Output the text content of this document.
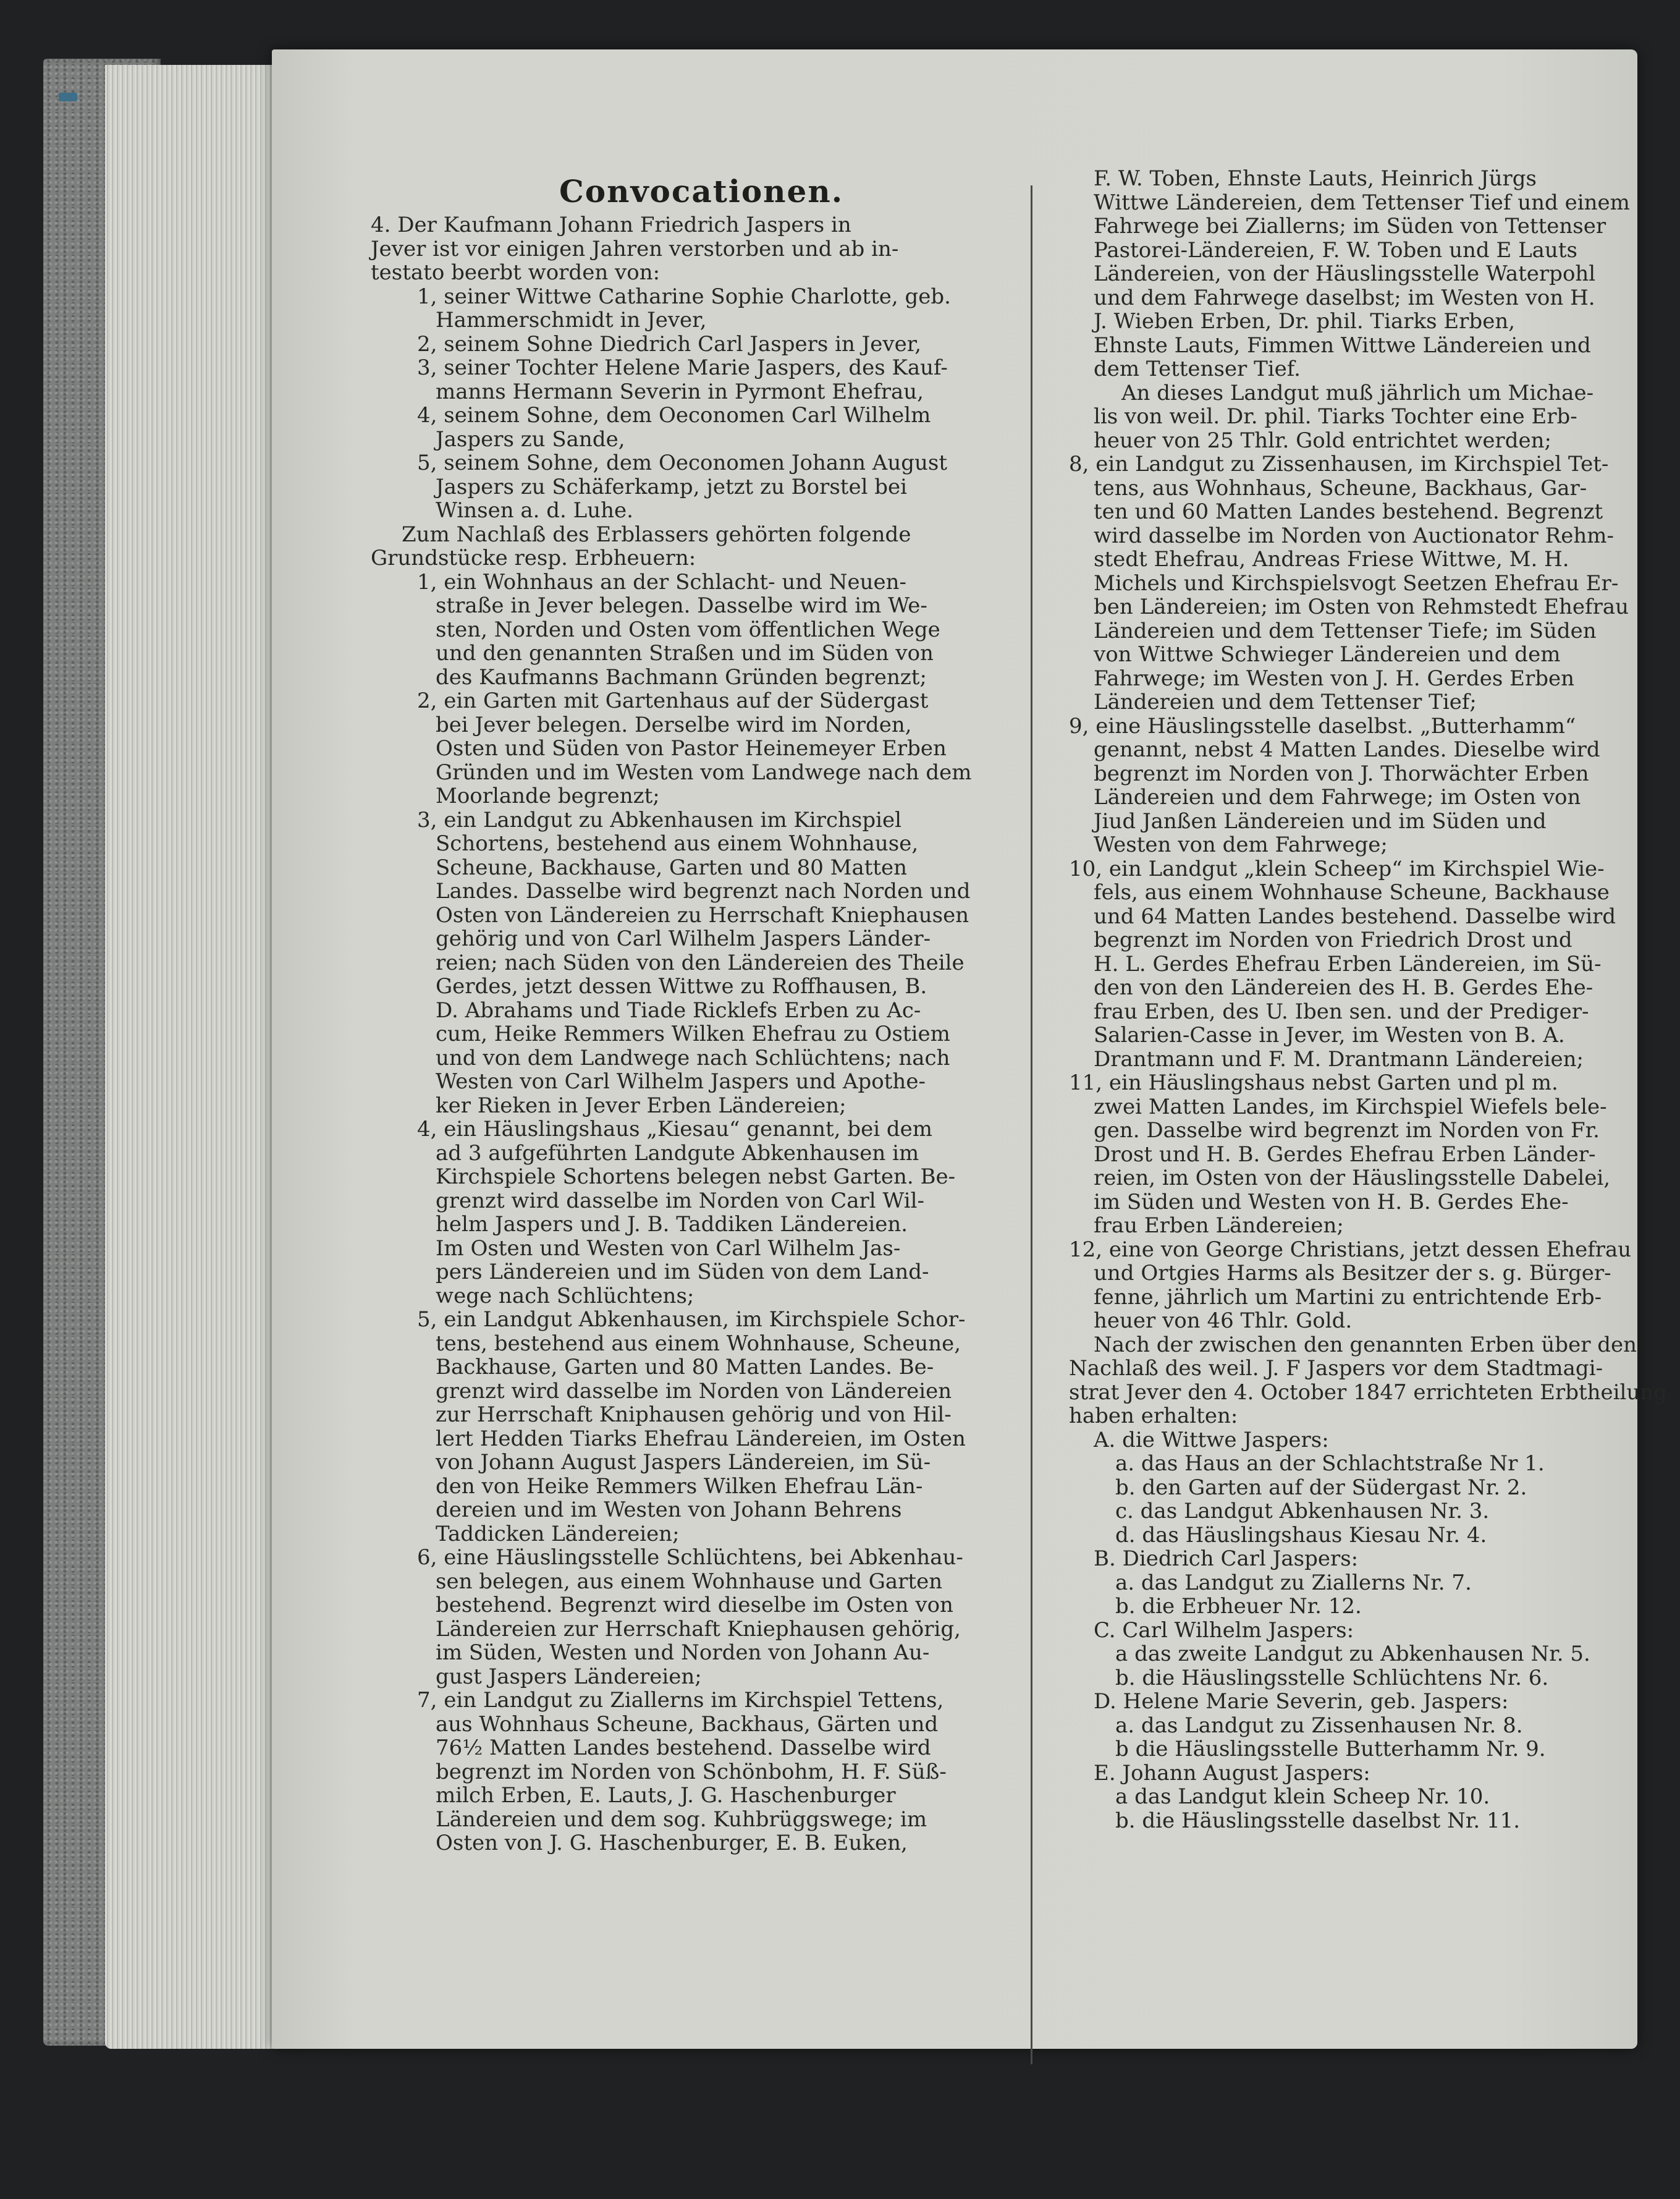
Convocationen.
4. Der Kaufmann Johann Friedrich Jaspers in
Jever ist vor einigen Jahren verstorben und ab in-
testato beerbt worden von:
1, seiner Wittwe Catharine Sophie Charlotte, geb.
Hammerschmidt in Jever,
2, seinem Sohne Diedrich Carl Jaspers in Jever,
3, seiner Tochter Helene Marie Jaspers, des Kauf-
manns Hermann Severin in Pyrmont Ehefrau,
4, seinem Sohne, dem Oeconomen Carl Wilhelm
Jaspers zu Sande,
5, seinem Sohne, dem Oeconomen Johann August
Jaspers zu Schäferkamp, jetzt zu Borstel bei
Winsen a. d. Luhe.
Zum Nachlaß des Erblassers gehörten folgende
Grundstücke resp. Erbheuern:
1, ein Wohnhaus an der Schlacht- und Neuen-
straße in Jever belegen. Dasselbe wird im We-
sten, Norden und Osten vom öffentlichen Wege
und den genannten Straßen und im Süden von
des Kaufmanns Bachmann Gründen begrenzt;
2, ein Garten mit Gartenhaus auf der Südergast
bei Jever belegen. Derselbe wird im Norden,
Osten und Süden von Pastor Heinemeyer Erben
Gründen und im Westen vom Landwege nach dem
Moorlande begrenzt;
3, ein Landgut zu Abkenhausen im Kirchspiel
Schortens, bestehend aus einem Wohnhause,
Scheune, Backhause, Garten und 80 Matten
Landes. Dasselbe wird begrenzt nach Norden und
Osten von Ländereien zu Herrschaft Kniephausen
gehörig und von Carl Wilhelm Jaspers Länder-
reien; nach Süden von den Ländereien des Theile
Gerdes, jetzt dessen Wittwe zu Roffhausen, B.
D. Abrahams und Tiade Ricklefs Erben zu Ac-
cum, Heike Remmers Wilken Ehefrau zu Ostiem
und von dem Landwege nach Schlüchtens; nach
Westen von Carl Wilhelm Jaspers und Apothe-
ker Rieken in Jever Erben Ländereien;
4, ein Häuslingshaus „Kiesau“ genannt, bei dem
ad 3 aufgeführten Landgute Abkenhausen im
Kirchspiele Schortens belegen nebst Garten. Be-
grenzt wird dasselbe im Norden von Carl Wil-
helm Jaspers und J. B. Taddiken Ländereien.
Im Osten und Westen von Carl Wilhelm Jas-
pers Ländereien und im Süden von dem Land-
wege nach Schlüchtens;
5, ein Landgut Abkenhausen, im Kirchspiele Schor-
tens, bestehend aus einem Wohnhause, Scheune,
Backhause, Garten und 80 Matten Landes. Be-
grenzt wird dasselbe im Norden von Ländereien
zur Herrschaft Kniphausen gehörig und von Hil-
lert Hedden Tiarks Ehefrau Ländereien, im Osten
von Johann August Jaspers Ländereien, im Sü-
den von Heike Remmers Wilken Ehefrau Län-
dereien und im Westen von Johann Behrens
Taddicken Ländereien;
6, eine Häuslingsstelle Schlüchtens, bei Abkenhau-
sen belegen, aus einem Wohnhause und Garten
bestehend. Begrenzt wird dieselbe im Osten von
Ländereien zur Herrschaft Kniephausen gehörig,
im Süden, Westen und Norden von Johann Au-
gust Jaspers Ländereien;
7, ein Landgut zu Ziallerns im Kirchspiel Tettens,
aus Wohnhaus Scheune, Backhaus, Gärten und
76½ Matten Landes bestehend. Dasselbe wird
begrenzt im Norden von Schönbohm, H. F. Süß-
milch Erben, E. Lauts, J. G. Haschenburger
Ländereien und dem sog. Kuhbrüggswege; im
Osten von J. G. Haschenburger, E. B. Euken,
F. W. Toben, Ehnste Lauts, Heinrich Jürgs
Wittwe Ländereien, dem Tettenser Tief und einem
Fahrwege bei Ziallerns; im Süden von Tettenser
Pastorei-Ländereien, F. W. Toben und E Lauts
Ländereien, von der Häuslingsstelle Waterpohl
und dem Fahrwege daselbst; im Westen von H.
J. Wieben Erben, Dr. phil. Tiarks Erben,
Ehnste Lauts, Fimmen Wittwe Ländereien und
dem Tettenser Tief.
An dieses Landgut muß jährlich um Michae-
lis von weil. Dr. phil. Tiarks Tochter eine Erb-
heuer von 25 Thlr. Gold entrichtet werden;
8, ein Landgut zu Zissenhausen, im Kirchspiel Tet-
tens, aus Wohnhaus, Scheune, Backhaus, Gar-
ten und 60 Matten Landes bestehend. Begrenzt
wird dasselbe im Norden von Auctionator Rehm-
stedt Ehefrau, Andreas Friese Wittwe, M. H.
Michels und Kirchspielsvogt Seetzen Ehefrau Er-
ben Ländereien; im Osten von Rehmstedt Ehefrau
Ländereien und dem Tettenser Tiefe; im Süden
von Wittwe Schwieger Ländereien und dem
Fahrwege; im Westen von J. H. Gerdes Erben
Ländereien und dem Tettenser Tief;
9, eine Häuslingsstelle daselbst. „Butterhamm“
genannt, nebst 4 Matten Landes. Dieselbe wird
begrenzt im Norden von J. Thorwächter Erben
Ländereien und dem Fahrwege; im Osten von
Jiud Janßen Ländereien und im Süden und
Westen von dem Fahrwege;
10, ein Landgut „klein Scheep“ im Kirchspiel Wie-
fels, aus einem Wohnhause Scheune, Backhause
und 64 Matten Landes bestehend. Dasselbe wird
begrenzt im Norden von Friedrich Drost und
H. L. Gerdes Ehefrau Erben Ländereien, im Sü-
den von den Ländereien des H. B. Gerdes Ehe-
frau Erben, des U. Iben sen. und der Prediger-
Salarien-Casse in Jever, im Westen von B. A.
Drantmann und F. M. Drantmann Ländereien;
11, ein Häuslingshaus nebst Garten und pl m.
zwei Matten Landes, im Kirchspiel Wiefels bele-
gen. Dasselbe wird begrenzt im Norden von Fr.
Drost und H. B. Gerdes Ehefrau Erben Länder-
reien, im Osten von der Häuslingsstelle Dabelei,
im Süden und Westen von H. B. Gerdes Ehe-
frau Erben Ländereien;
12, eine von George Christians, jetzt dessen Ehefrau
und Ortgies Harms als Besitzer der s. g. Bürger-
fenne, jährlich um Martini zu entrichtende Erb-
heuer von 46 Thlr. Gold.
Nach der zwischen den genannten Erben über den
Nachlaß des weil. J. F Jaspers vor dem Stadtmagi-
strat Jever den 4. October 1847 errichteten Erbtheilung
haben erhalten:
A. die Wittwe Jaspers:
a. das Haus an der Schlachtstraße Nr 1.
b. den Garten auf der Südergast Nr. 2.
c. das Landgut Abkenhausen Nr. 3.
d. das Häuslingshaus Kiesau Nr. 4.
B. Diedrich Carl Jaspers:
a. das Landgut zu Ziallerns Nr. 7.
b. die Erbheuer Nr. 12.
C. Carl Wilhelm Jaspers:
a das zweite Landgut zu Abkenhausen Nr. 5.
b. die Häuslingsstelle Schlüchtens Nr. 6.
D. Helene Marie Severin, geb. Jaspers:
a. das Landgut zu Zissenhausen Nr. 8.
b die Häuslingsstelle Butterhamm Nr. 9.
E. Johann August Jaspers:
a das Landgut klein Scheep Nr. 10.
b. die Häuslingsstelle daselbst Nr. 11.
